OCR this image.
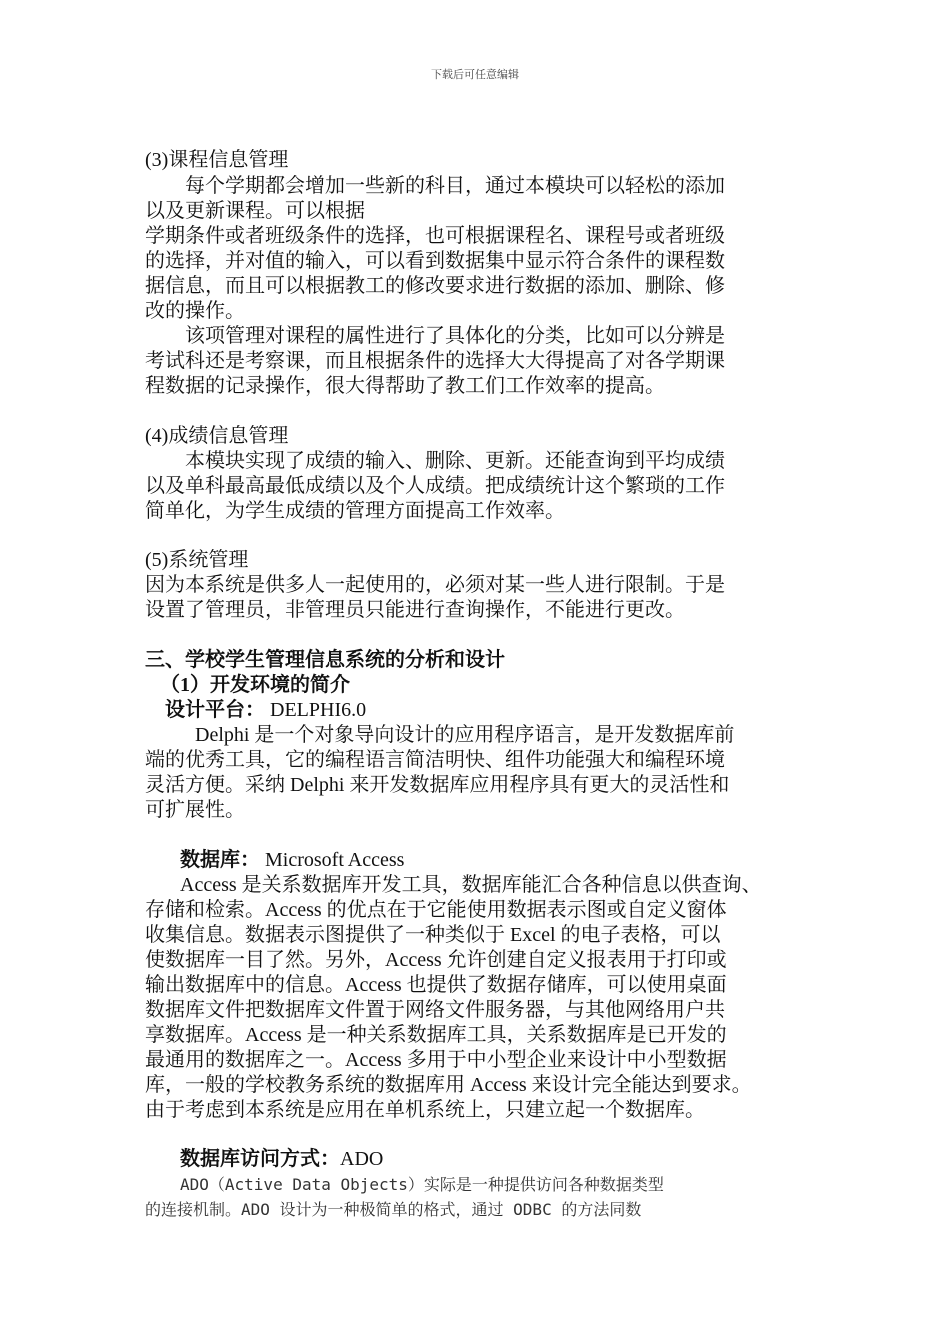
下载后可任意编辑
(3)课程信息管理
每个学期都会增加一些新的科目，通过本模块可以轻松的添加
以及更新课程。可以根据
学期条件或者班级条件的选择，也可根据课程名、课程号或者班级
的选择，并对值的输入，可以看到数据集中显示符合条件的课程数
据信息，而且可以根据教工的修改要求进行数据的添加、删除、修
改的操作。
该项管理对课程的属性进行了具体化的分类，比如可以分辨是
考试科还是考察课，而且根据条件的选择大大得提高了对各学期课
程数据的记录操作，很大得帮助了教工们工作效率的提高。
(4)成绩信息管理
本模块实现了成绩的输入、删除、更新。还能查询到平均成绩
以及单科最高最低成绩以及个人成绩。把成绩统计这个繁琐的工作
简单化，为学生成绩的管理方面提高工作效率。
(5)系统管理
因为本系统是供多人一起使用的，必须对某一些人进行限制。于是
设置了管理员，非管理员只能进行查询操作，不能进行更改。
三、学校学生管理信息系统的分析和设计
（1）开发环境的简介
设计平台： DELPHI6.0
Delphi 是一个对象导向设计的应用程序语言，是开发数据库前
端的优秀工具，它的编程语言简洁明快、组件功能强大和编程环境
灵活方便。采纳 Delphi 来开发数据库应用程序具有更大的灵活性和
可扩展性。
数据库： Microsoft Access
Access 是关系数据库开发工具，数据库能汇合各种信息以供查询、
存储和检索。Access 的优点在于它能使用数据表示图或自定义窗体
收集信息。数据表示图提供了一种类似于 Excel 的电子表格，可以
使数据库一目了然。另外，Access 允许创建自定义报表用于打印或
输出数据库中的信息。Access 也提供了数据存储库，可以使用桌面
数据库文件把数据库文件置于网络文件服务器，与其他网络用户共
享数据库。Access 是一种关系数据库工具，关系数据库是已开发的
最通用的数据库之一。Access 多用于中小型企业来设计中小型数据
库，一般的学校教务系统的数据库用 Access 来设计完全能达到要求。
由于考虑到本系统是应用在单机系统上，只建立起一个数据库。
数据库访问方式：ADO
ADO（Active Data Objects）实际是一种提供访问各种数据类型
的连接机制。ADO 设计为一种极简单的格式，通过 ODBC 的方法同数
